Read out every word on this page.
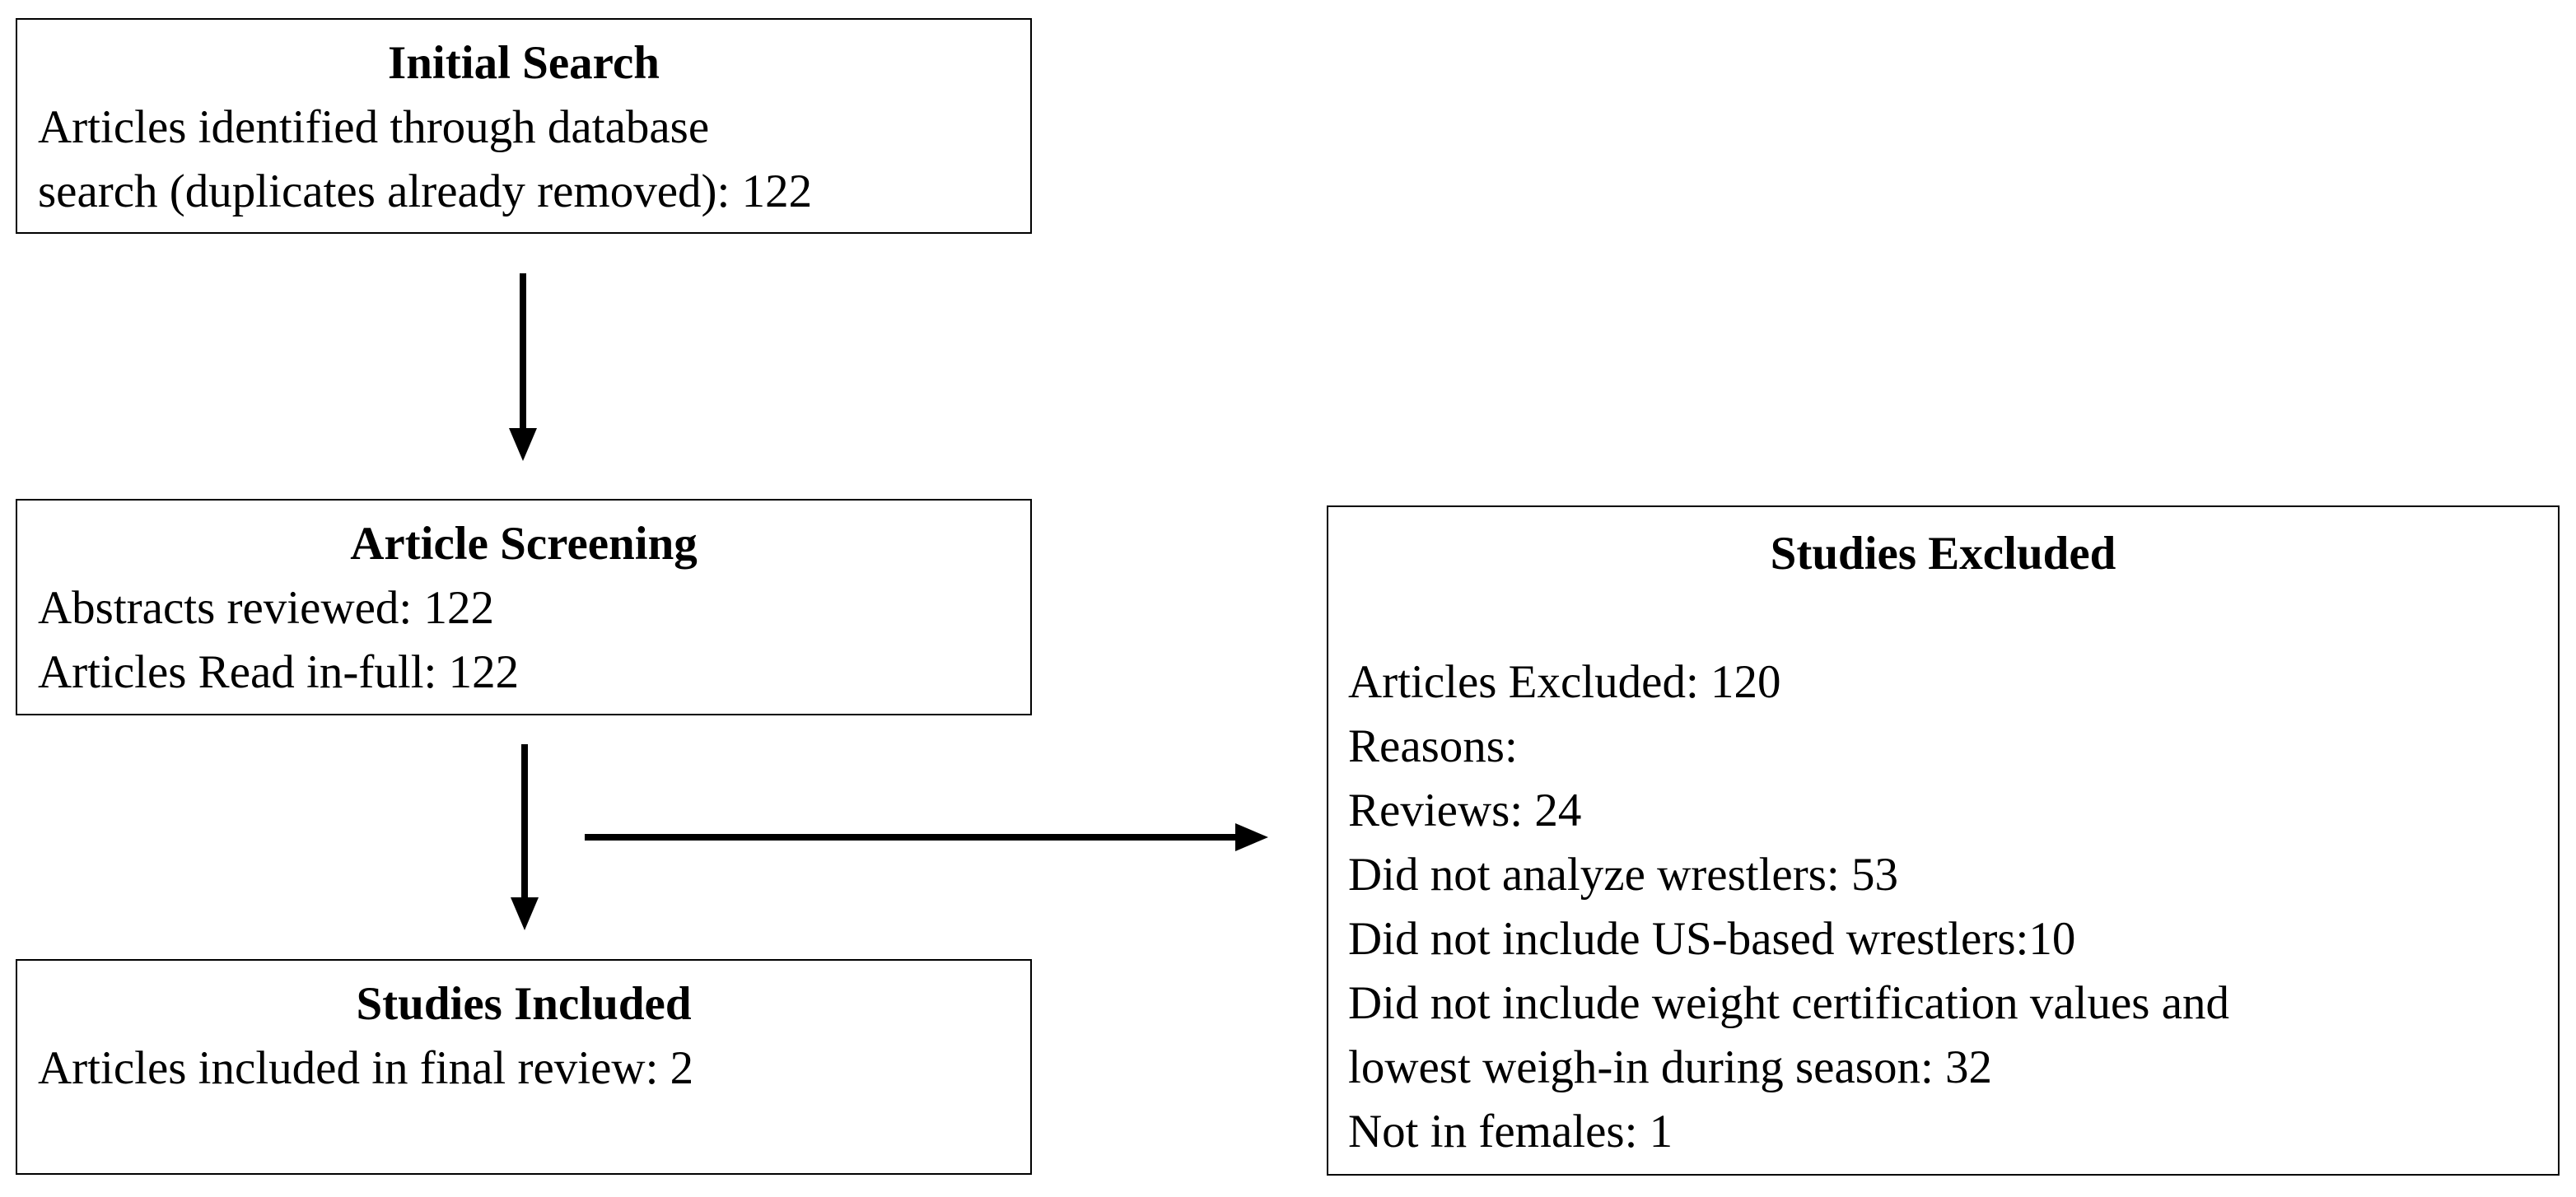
Initial Search

Articles identified through database

search (duplicates already removed): 122

Article Screening

Abstracts reviewed: 122

Articles Read in-full: 122

Studies Included

Articles included in final review: 2

Studies Excluded

Articles Excluded: 120

Reasons:

Reviews: 24

Did not analyze wrestlers: 53

Did not include US-based wrestlers:10

Did not include weight certification values and

lowest weigh-in during season: 32

Not in females: 1
